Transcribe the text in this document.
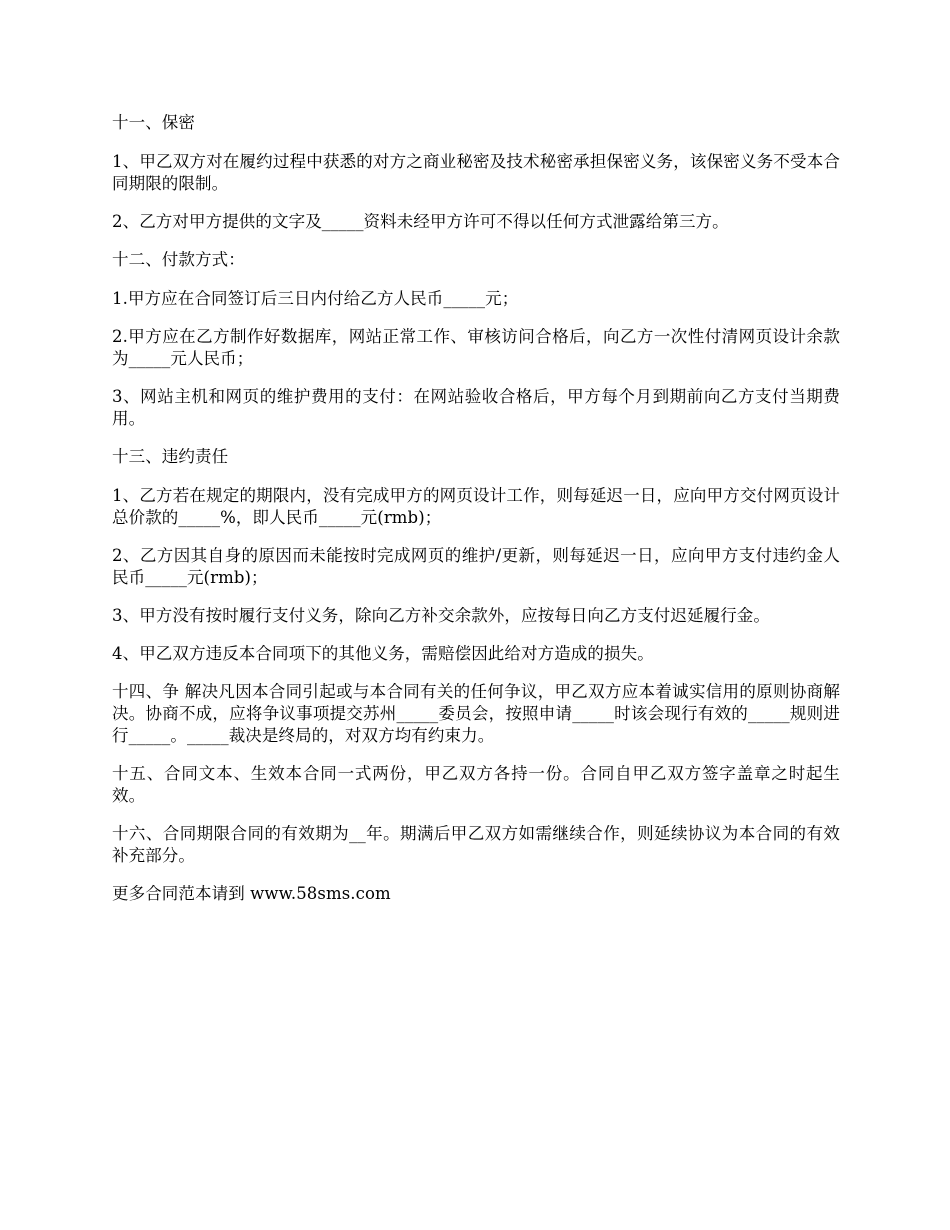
十一、保密

1、甲乙双方对在履约过程中获悉的对方之商业秘密及技术秘密承担保密义务，该保密义务不受本合同期限的限制。

2、乙方对甲方提供的文字及_____资料未经甲方许可不得以任何方式泄露给第三方。

十二、付款方式：

1.甲方应在合同签订后三日内付给乙方人民币_____元；

2.甲方应在乙方制作好数据库，网站正常工作、审核访问合格后，向乙方一次性付清网页设计余款为_____元人民币；

3、网站主机和网页的维护费用的支付：在网站验收合格后，甲方每个月到期前向乙方支付当期费用。

十三、违约责任

1、乙方若在规定的期限内，没有完成甲方的网页设计工作，则每延迟一日，应向甲方交付网页设计总价款的_____%，即人民币_____元(rmb)；

2、乙方因其自身的原因而未能按时完成网页的维护/更新，则每延迟一日，应向甲方支付违约金人民币_____元(rmb)；

3、甲方没有按时履行支付义务，除向乙方补交余款外，应按每日向乙方支付迟延履行金。

4、甲乙双方违反本合同项下的其他义务，需赔偿因此给对方造成的损失。

十四、争 解决凡因本合同引起或与本合同有关的任何争议，甲乙双方应本着诚实信用的原则协商解决。协商不成，应将争议事项提交苏州_____委员会，按照申请_____时该会现行有效的_____规则进行_____。_____裁决是终局的，对双方均有约束力。

十五、合同文本、生效本合同一式两份，甲乙双方各持一份。合同自甲乙双方签字盖章之时起生效。

十六、合同期限合同的有效期为__年。期满后甲乙双方如需继续合作，则延续协议为本合同的有效补充部分。

更多合同范本请到 www.58sms.com
